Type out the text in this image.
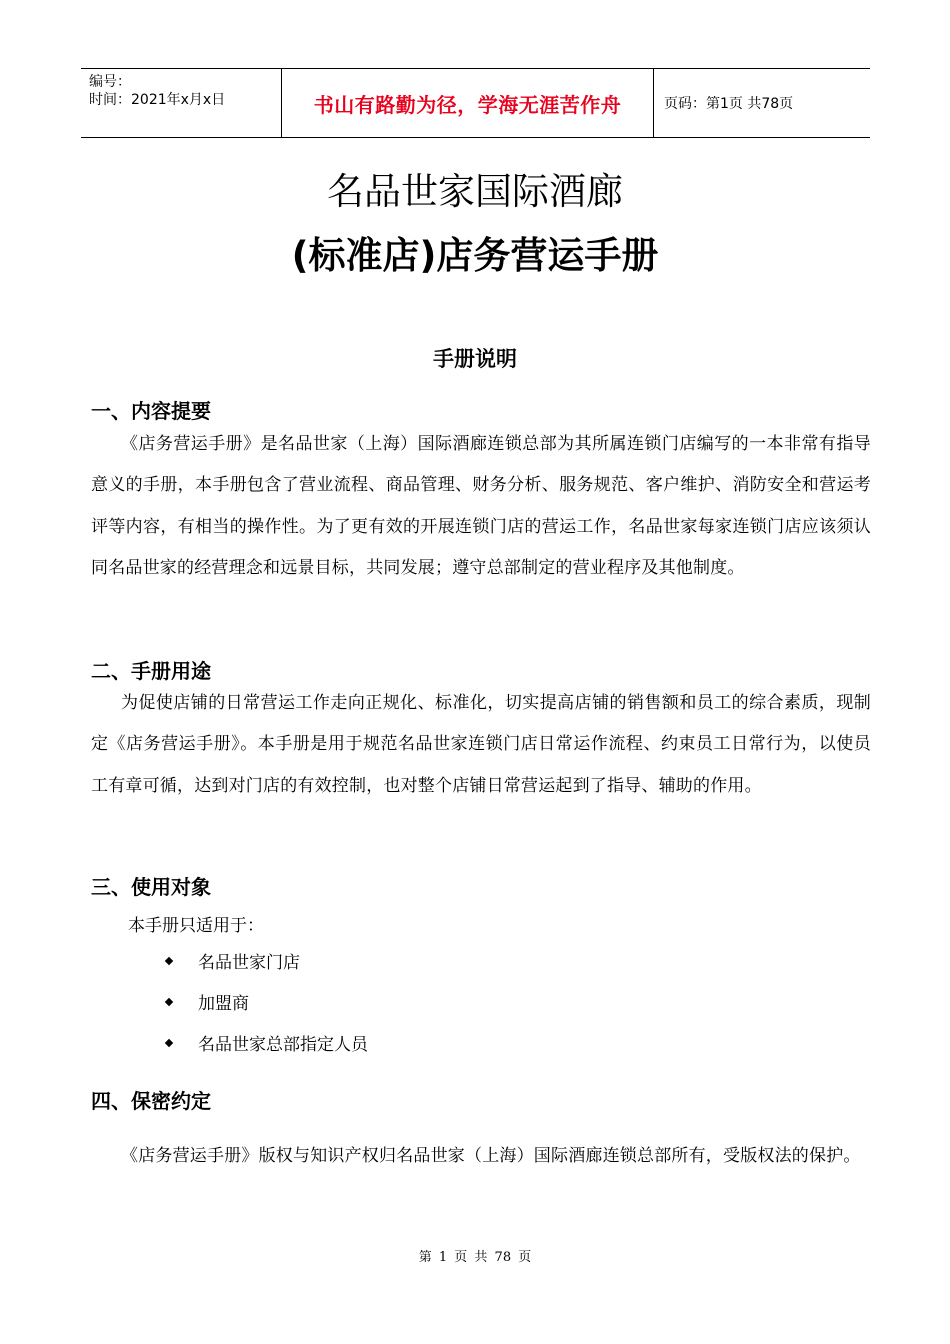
编号：
时间：2021年x月x日	书山有路勤为径，学海无涯苦作舟	页码：第1页 共78页
名品世家国际酒廊
(标准店)店务营运手册
手册说明
一、内容提要

《店务营运手册》是名品世家（上海）国际酒廊连锁总部为其所属连锁门店编写的一本非常有指导意义的手册，本手册包含了营业流程、商品管理、财务分析、服务规范、客户维护、消防安全和营运考评等内容，有相当的操作性。为了更有效的开展连锁门店的营运工作，名品世家每家连锁门店应该须认同名品世家的经营理念和远景目标，共同发展；遵守总部制定的营业程序及其他制度。

二、手册用途

为促使店铺的日常营运工作走向正规化、标准化，切实提高店铺的销售额和员工的综合素质，现制定《店务营运手册》。本手册是用于规范名品世家连锁门店日常运作流程、约束员工日常行为，以使员工有章可循，达到对门店的有效控制，也对整个店铺日常营运起到了指导、辅助的作用。

三、使用对象

本手册只适用于：

名品世家门店
加盟商
名品世家总部指定人员
四、保密约定

《店务营运手册》版权与知识产权归名品世家（上海）国际酒廊连锁总部所有，受版权法的保护。

第 1 页 共 78 页
